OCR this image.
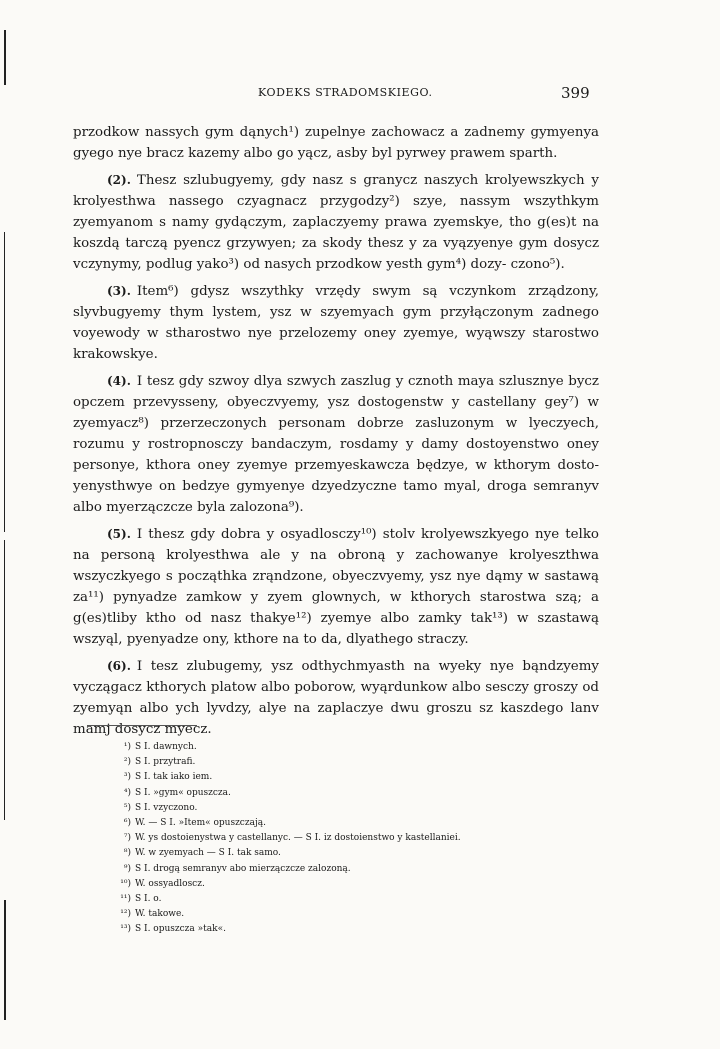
KODEKS STRADOMSKIEGO.	399

przodkow nassych gym dąnych¹) zupelnye zachowacz a zadnemy gymyenya gyego nye bracz kazemy albo go yącz, asby byl pyrwey prawem sparth.

(2). Thesz szlubugyemy, gdy nasz s granycz naszych krolyewszkych y krolyesthwa nassego czyagnacz przygodzy²) szye, nassym wszythkym zyemyanom s namy gydączym, zaplaczyemy prawa zyemskye, tho g(es)t na koszdą tarczą pyencz grzywyen; za skody thesz y za vyązyenye gym dosycz vczynymy, podlug yako³) od nasych przodkow yesth gym⁴) dozy- czono⁵).

(3). Item⁶) gdysz wszythky vrzędy swym są vczynkom zrządzony, slyvbugyemy thym lystem, ysz w szyemyach gym przyłączonym zadnego voyewody w stharostwo nye przelozemy oney zyemye, wyąwszy starostwo krakowskye.

(4). I tesz gdy szwoy dlya szwych zaszlug y cznoth maya szlusznye bycz opczem przevysseny, obyeczvyemy, ysz dostogenstw y castellany gey⁷) w zyemyacz⁸) przerzeczonych personam dobrze zasluzonym w lyeczyech, rozumu y rostropnosczy bandaczym, rosdamy y damy dostoyenstwo oney personye, kthora oney zyemye przemyeskawcza będzye, w kthorym dosto- yenysthwye on bedzye gymyenye dzyedzyczne tamo myal, droga semranyv albo myerzączcze byla zalozona⁹).

(5). I thesz gdy dobra y osyadlosczy¹⁰) stolv krolyewszkyego nye telko na personą krolyesthwa ale y na obroną y zachowanye krolyeszthwa wszyczkyego s począthka zrąndzone, obyeczvyemy, ysz nye dąmy w sastawą za¹¹) pynyadze zamkow y zyem glownych, w kthorych starostwa szą; a g(es)tliby ktho od nasz thakye¹²) zyemye albo zamky tak¹³) w szastawą wszyąl, pyenyadze ony, kthore na to da, dlyathego straczy.

(6). I tesz zlubugemy, ysz odthychmyasth na wyeky nye bąndzyemy vyczągacz kthorych platow albo poborow, wyąrdunkow albo sesczy groszy od zyemyąn albo ych lyvdzy, alye na zaplaczye dwu groszu sz kaszdego lanv mamj dosycz myecz.

¹) S I. dawnych.
²) S I. przytrafi.
³) S I. tak iako iem.
⁴) S I. »gym« opuszcza.
⁵) S I. vzyczono.
⁶) W. — S I. »Item« opuszczają.
⁷) W. ys dostoienystwa y castellanyc. — S I. iz dostoienstwo y kastellaniei.
⁸) W. w zyemyach — S I. tak samo.
⁹) S I. drogą semranyv abo mierzączcze zalozoną.
¹⁰) W. ossyadloscz.
¹¹) S I. o.
¹²) W. takowe.
¹³) S I. opuszcza »tak«.
